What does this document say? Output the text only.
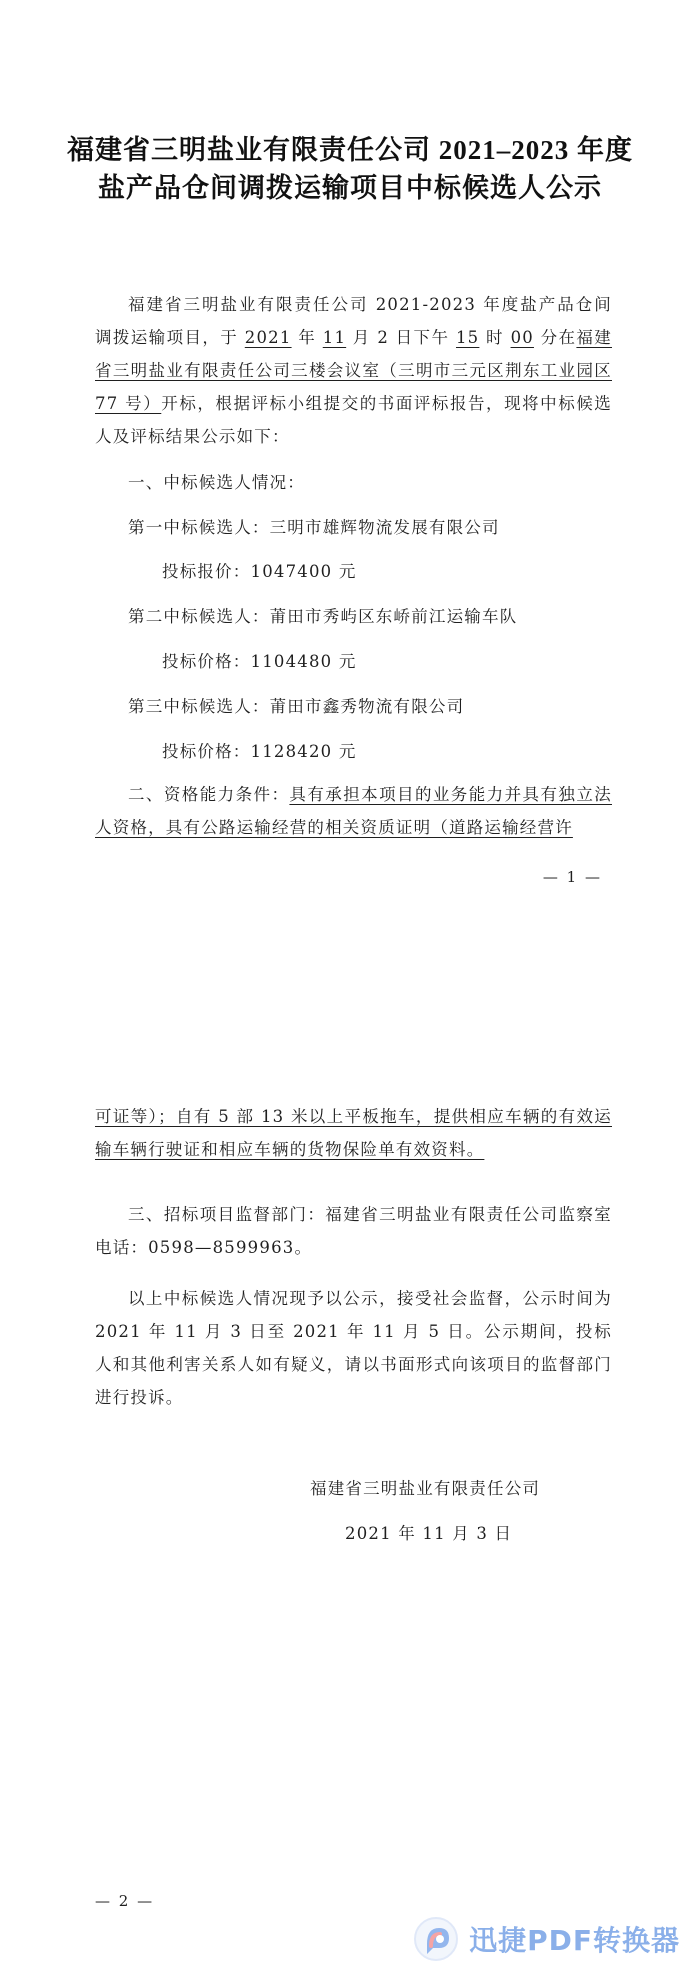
福建省三明盐业有限责任公司 2021–2023 年度
盐产品仓间调拨运输项目中标候选人公示
福建省三明盐业有限责任公司 2021-2023 年度盐产品仓间调拨运输项目，于 2021 年 11 月 2 日下午 15 时 00 分在福建省三明盐业有限责任公司三楼会议室（三明市三元区荆东工业园区 77 号）开标，根据评标小组提交的书面评标报告，现将中标候选人及评标结果公示如下：
一、中标候选人情况：
第一中标候选人：三明市雄辉物流发展有限公司
投标报价：1047400 元
第二中标候选人：莆田市秀屿区东峤前江运输车队
投标价格：1104480 元
第三中标候选人：莆田市鑫秀物流有限公司
投标价格：1128420 元
二、资格能力条件：具有承担本项目的业务能力并具有独立法人资格，具有公路运输经营的相关资质证明（道路运输经营许
— 1 —
可证等）；自有 5 部 13 米以上平板拖车，提供相应车辆的有效运输车辆行驶证和相应车辆的货物保险单有效资料。
三、招标项目监督部门：福建省三明盐业有限责任公司监察室　电话：0598—8599963。
以上中标候选人情况现予以公示，接受社会监督，公示时间为 2021 年 11 月 3 日至 2021 年 11 月 5 日。公示期间，投标人和其他利害关系人如有疑义，请以书面形式向该项目的监督部门进行投诉。
福建省三明盐业有限责任公司
2021 年 11 月 3 日
— 2 —
迅捷PDF转换器
